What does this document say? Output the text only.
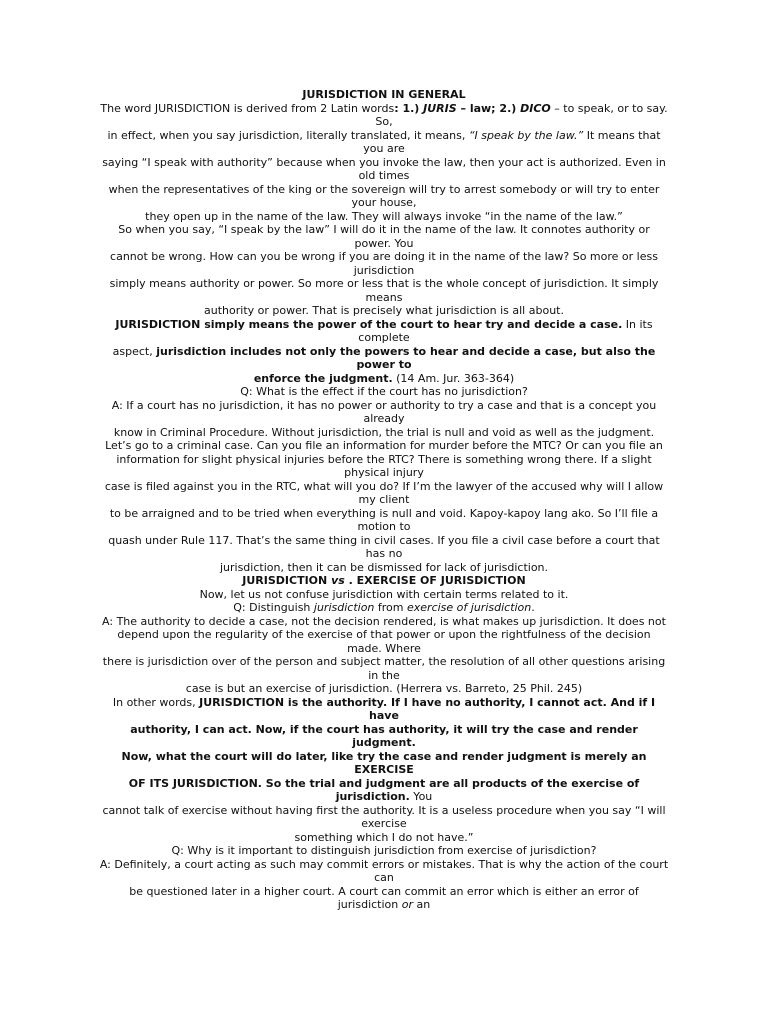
JURISDICTION IN GENERAL
The word JURISDICTION is derived from 2 Latin words: 1.) JURIS – law; 2.) DICO – to speak, or to say.
So,
in effect, when you say jurisdiction, literally translated, it means, “I speak by the law.” It means that
you are
saying “I speak with authority” because when you invoke the law, then your act is authorized. Even in
old times
when the representatives of the king or the sovereign will try to arrest somebody or will try to enter
your house,
they open up in the name of the law. They will always invoke “in the name of the law.”
So when you say, “I speak by the law” I will do it in the name of the law. It connotes authority or
power. You
cannot be wrong. How can you be wrong if you are doing it in the name of the law? So more or less
jurisdiction
simply means authority or power. So more or less that is the whole concept of jurisdiction. It simply
means
authority or power. That is precisely what jurisdiction is all about.
JURISDICTION simply means the power of the court to hear try and decide a case. In its
complete
aspect, jurisdiction includes not only the powers to hear and decide a case, but also the
power to
enforce the judgment. (14 Am. Jur. 363-364)
Q: What is the effect if the court has no jurisdiction?
A: If a court has no jurisdiction, it has no power or authority to try a case and that is a concept you
already
know in Criminal Procedure. Without jurisdiction, the trial is null and void as well as the judgment.
Let’s go to a criminal case. Can you file an information for murder before the MTC? Or can you file an
information for slight physical injuries before the RTC? There is something wrong there. If a slight
physical injury
case is filed against you in the RTC, what will you do? If I’m the lawyer of the accused why will I allow
my client
to be arraigned and to be tried when everything is null and void. Kapoy-kapoy lang ako. So I’ll file a
motion to
quash under Rule 117. That’s the same thing in civil cases. If you file a civil case before a court that
has no
jurisdiction, then it can be dismissed for lack of jurisdiction.
JURISDICTION vs . EXERCISE OF JURISDICTION
Now, let us not confuse jurisdiction with certain terms related to it.
Q: Distinguish jurisdiction from exercise of jurisdiction.
A: The authority to decide a case, not the decision rendered, is what makes up jurisdiction. It does not
depend upon the regularity of the exercise of that power or upon the rightfulness of the decision
made. Where
there is jurisdiction over of the person and subject matter, the resolution of all other questions arising
in the
case is but an exercise of jurisdiction. (Herrera vs. Barreto, 25 Phil. 245)
In other words, JURISDICTION is the authority. If I have no authority, I cannot act. And if I
have
authority, I can act. Now, if the court has authority, it will try the case and render
judgment.
Now, what the court will do later, like try the case and render judgment is merely an
EXERCISE
OF ITS JURISDICTION. So the trial and judgment are all products of the exercise of
jurisdiction. You
cannot talk of exercise without having first the authority. It is a useless procedure when you say “I will
exercise
something which I do not have.”
Q: Why is it important to distinguish jurisdiction from exercise of jurisdiction?
A: Definitely, a court acting as such may commit errors or mistakes. That is why the action of the court
can
be questioned later in a higher court. A court can commit an error which is either an error of
jurisdiction or an
